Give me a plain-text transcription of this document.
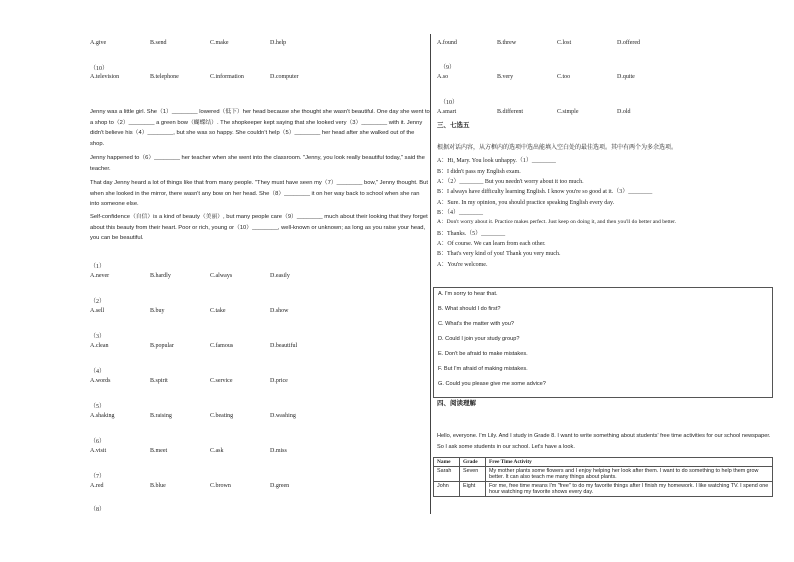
A.give	B.send	C.make	D.help
（10）
A.television	B.telephone	C.information	D.computer
Jenny was a little girl. She（1）________ lowered（低下）her head because she thought she wasn't beautiful. One day she went to a shop to（2）________ a green bow（蝴蝶结）. The shopkeeper kept saying that she looked very（3）________ with it. Jenny didn't believe his（4）________, but she was so happy. She couldn't help（5）________ her head after she walked out of the shop.
Jenny happened to（6）________ her teacher when she went into the classroom. "Jenny, you look really beautiful today," said the teacher.
That day Jenny heard a lot of things like that from many people. "They must have seen my（7）________ bow," Jenny thought. But when she looked in the mirror, there wasn't any bow on her head. She（8）________ it on her way back to school when she ran into someone else.
Self-confidence（自信）is a kind of beauty（美丽）, but many people care（9）________ much about their looking that they forget about this beauty from their heart. Poor or rich, young or（10）________, well-known or unknown; as long as you raise your head, you can be beautiful.
（1）
A.never	B.hardly	C.always	D.easily
（2）
A.sell	B.buy	C.take	D.show
（3）
A.clean	B.popular	C.famous	D.beautiful
（4）
A.words	B.spirit	C.service	D.price
（5）
A.shaking	B.raising	C.beating	D.washing
（6）
A.visit	B.meet	C.ask	D.miss
（7）
A.red	B.blue	C.brown	D.green
（8）
A.found	B.threw	C.lost	D.offered
（9）
A.so	B.very	C.too	D.quite
（10）
A.smart	B.different	C.simple	D.old
三、七选五
根据对话内容，从方框内的选项中选出能填入空白处的最佳选项。其中有两个为多余选项。
A：Hi, Mary. You look unhappy.（1）________
B：I didn't pass my English exam.
A：（2）________ But you needn't worry about it too much.
B：I always have difficulty learning English. I know you're so good at it.（3）________
A：Sure. In my opinion, you should practice speaking English every day.
B：（4）________
A：Don't worry about it. Practice makes perfect. Just keep on doing it, and then you'll do better and better.
B：Thanks.（5）________
A：Of course. We can learn from each other.
B：That's very kind of you! Thank you very much.
A：You're welcome.
A. I'm sorry to hear that.
B. What should I do first?
C. What's the matter with you?
D. Could I join your study group?
E. Don't be afraid to make mistakes.
F. But I'm afraid of making mistakes.
G. Could you please give me some advice?
四、阅读理解
Hello, everyone. I'm Lily. And I study in Grade 8. I want to write something about students' free time activities for our school newspaper. So I ask some students in our school. Let's have a look.
Name	Grade	Free Time Activity
Sarah	Seven	My mother plants some flowers and I enjoy helping her look after them. I want to do something to help them grow better. It can also teach me many things about plants.
John	Eight	For me, free time means I'm "free" to do my favorite things after I finish my homework. I like watching TV. I spend one hour watching my favorite shows every day.
